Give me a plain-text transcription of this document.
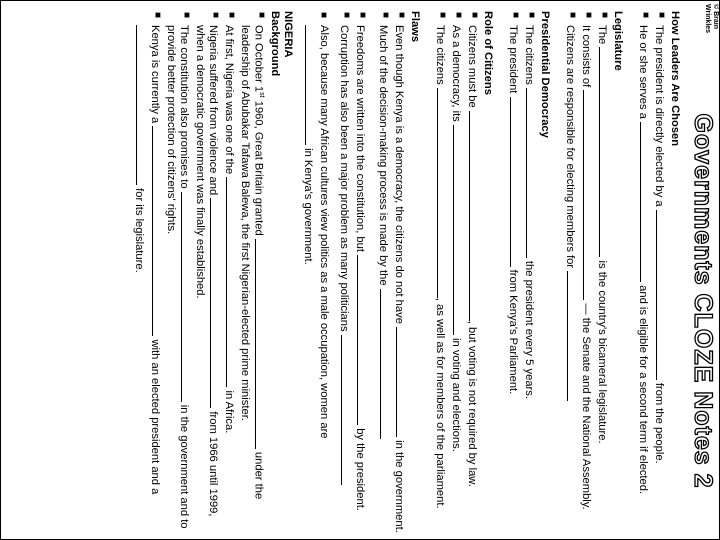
© Brain
Wrinkles
Governments CLOZE Notes 2
How Leaders Are Chosen
■
The president is directly elected by a  from the people.
■
He or she serves a  and is eligible for a second term if elected.
Legislature
■
The  is the country's bicameral legislature.
■
It consists of  — the Senate and the National Assembly.
■
Citizens are responsible for electing members for
Presidential Democracy
■
The citizens  the president every 5 years.
■
The president  from Kenya's Parliament.
Role of Citizens
■
Citizens must be , but voting is not required by law.
■
As a democracy, its  in voting and elections.
■
The citizens , as well as for members of the parliament.
Flaws
■
Even though Kenya is a democracy, the citizens do not have  in the government.
■
Much of the decision-making process is made by the
■
Freedoms are written into the constitution, but  by the president.
■
Corruption has also been a major problem as many politicians
■
Also, because many African cultures view politics as a male occupation, women are  in Kenya's government.
NIGERIA
Background
■
On October 1st 1960, Great Britain granted  under the leadership of Abubakar Tafawa Balewa, the first Nigerian-elected prime minister.
■
At first, Nigeria was one of the  in Africa.
■
Nigeria suffered from violence and  from 1966 until 1999, when a democratic government was finally established.
■
The constitution also promises to  in the government and to provide better protection of citizens' rights.
■
Kenya is currently a  with an elected president and a  for its legislature.
